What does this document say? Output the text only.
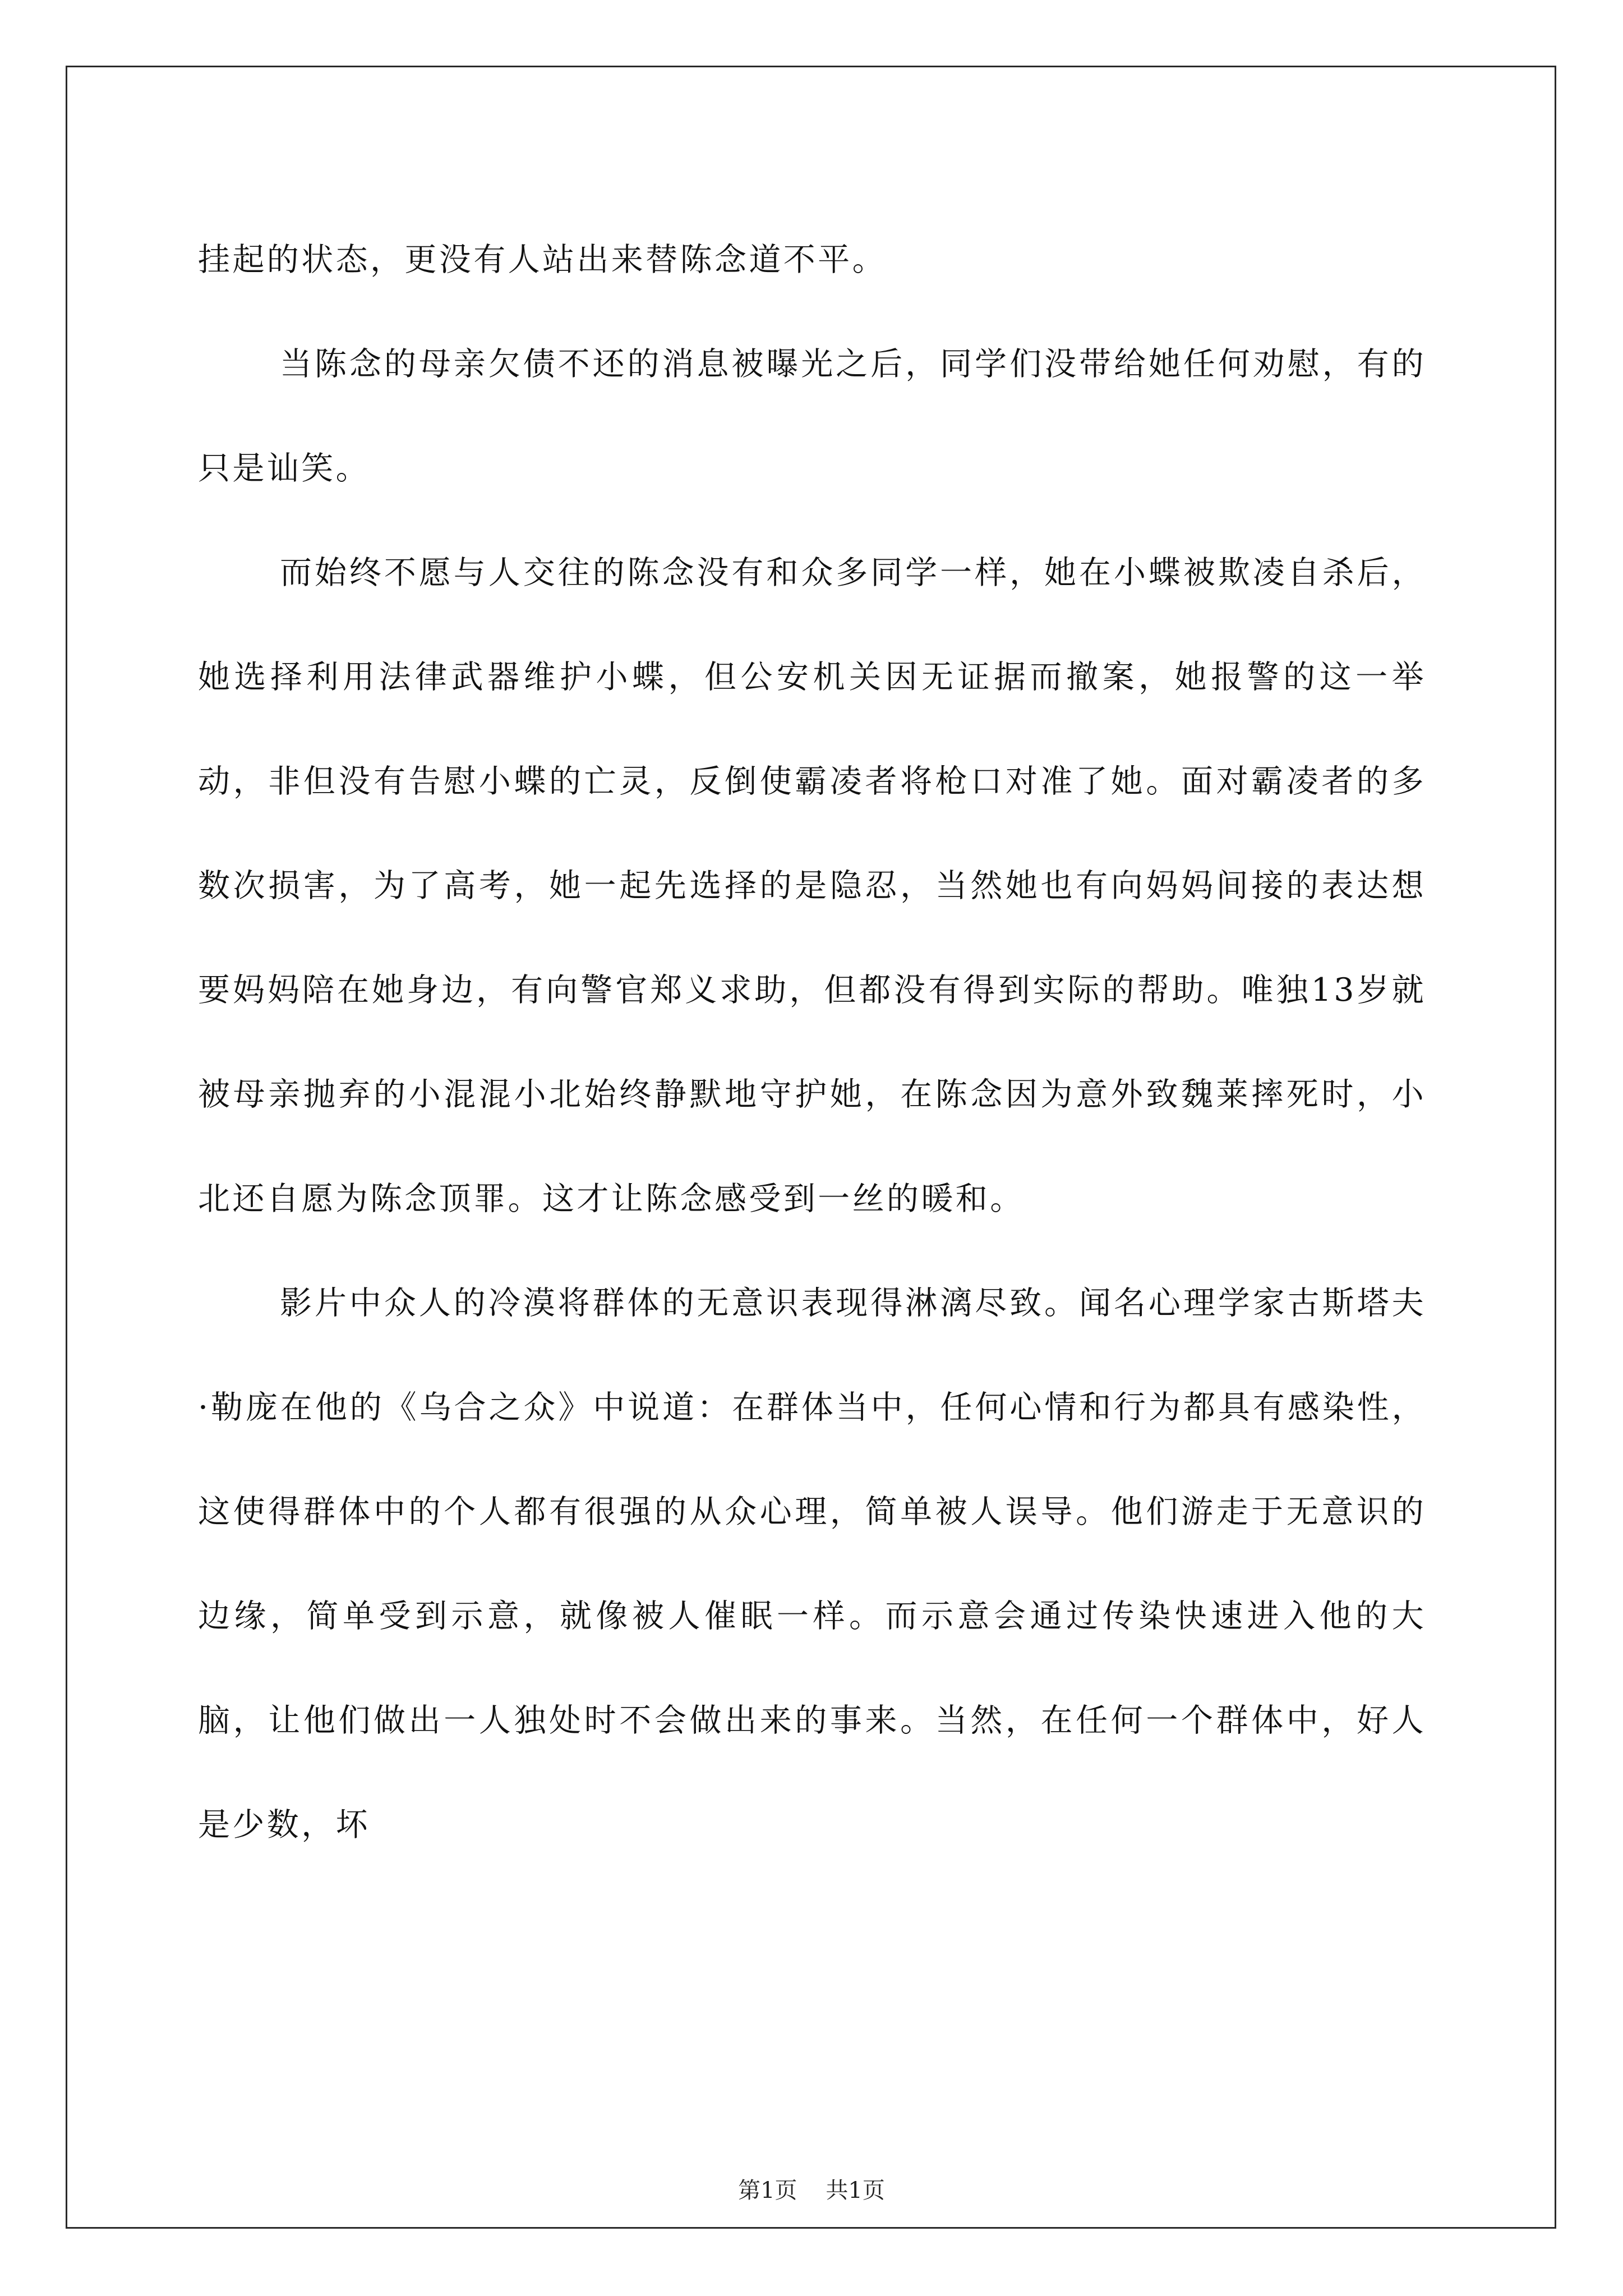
挂起的状态，更没有人站出来替陈念道不平。

当陈念的母亲欠债不还的消息被曝光之后，同学们没带给她任何劝慰，有的只是讪笑。

而始终不愿与人交往的陈念没有和众多同学一样，她在小蝶被欺凌自杀后，她选择利用法律武器维护小蝶，但公安机关因无证据而撤案，她报警的这一举动，非但没有告慰小蝶的亡灵，反倒使霸凌者将枪口对准了她。面对霸凌者的多数次损害，为了高考，她一起先选择的是隐忍，当然她也有向妈妈间接的表达想要妈妈陪在她身边，有向警官郑义求助，但都没有得到实际的帮助。唯独13岁就被母亲抛弃的小混混小北始终静默地守护她，在陈念因为意外致魏莱摔死时，小北还自愿为陈念顶罪。这才让陈念感受到一丝的暖和。

影片中众人的冷漠将群体的无意识表现得淋漓尽致。闻名心理学家古斯塔夫·勒庞在他的《乌合之众》中说道：在群体当中，任何心情和行为都具有感染性，这使得群体中的个人都有很强的从众心理，简单被人误导。他们游走于无意识的边缘，简单受到示意，就像被人催眠一样。而示意会通过传染快速进入他的大脑，让他们做出一人独处时不会做出来的事来。当然，在任何一个群体中，好人是少数，坏

第1页 共1页
